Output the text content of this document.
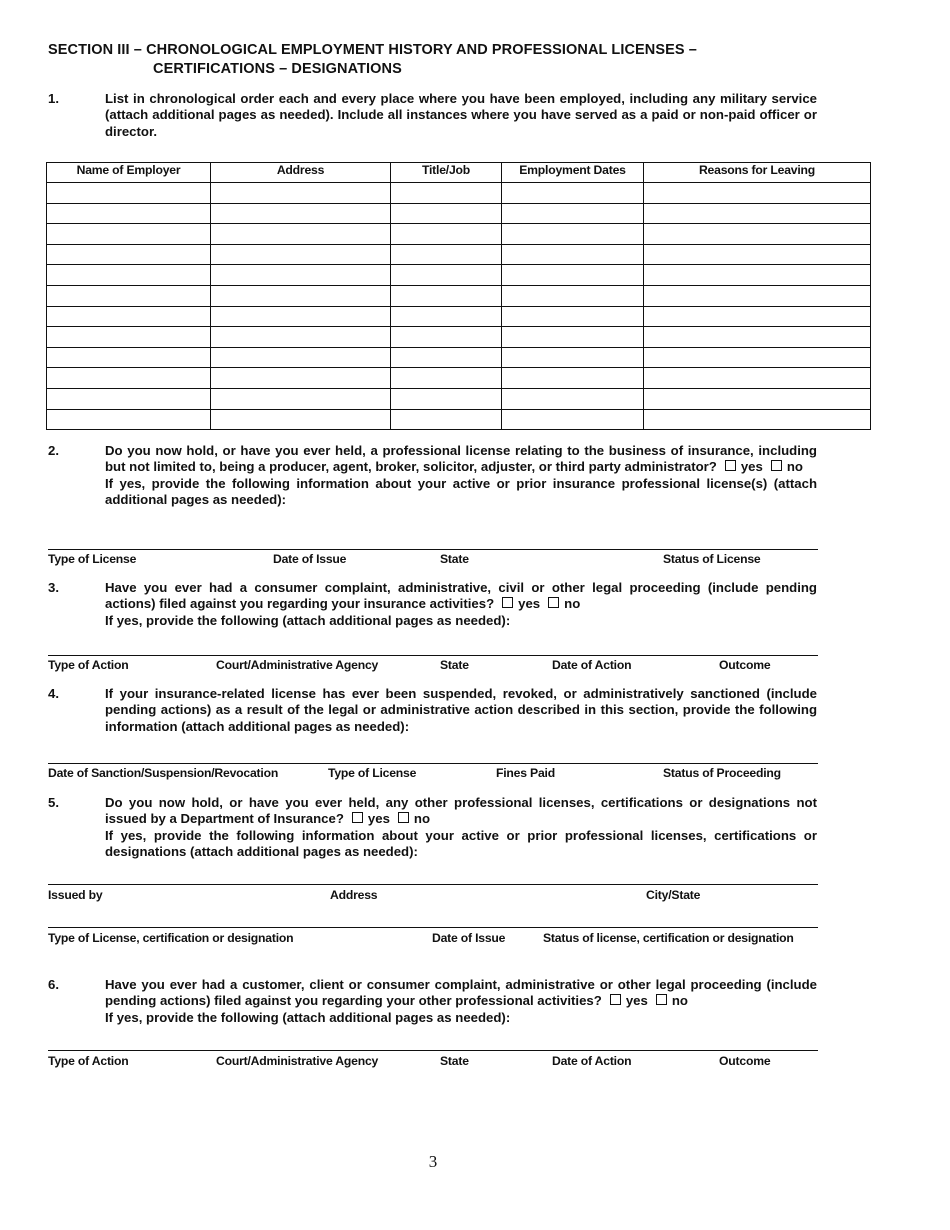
SECTION III – CHRONOLOGICAL EMPLOYMENT HISTORY AND PROFESSIONAL LICENSES –
CERTIFICATIONS – DESIGNATIONS
1.	List in chronological order each and every place where you have been employed, including any military service (attach additional pages as needed). Include all instances where you have served as a paid or non-paid officer or director.
Name of Employer	Address	Title/Job	Employment Dates	Reasons for Leaving

2.	Do you now hold, or have you ever held, a professional license relating to the business of insurance, including but not limited to, being a producer, agent, broker, solicitor, adjuster, or third party administrator? yes no

If yes, provide the following information about your active or prior insurance professional license(s) (attach additional pages as needed):

Type of License	Date of Issue	State	Status of License
3.	Have you ever had a consumer complaint, administrative, civil or other legal proceeding (include pending actions) filed against you regarding your insurance activities? yes no

If yes, provide the following (attach additional pages as needed):

Type of Action	Court/Administrative Agency	State	Date of Action	Outcome
4.	If your insurance-related license has ever been suspended, revoked, or administratively sanctioned (include pending actions) as a result of the legal or administrative action described in this section, provide the following information (attach additional pages as needed):
Date of Sanction/Suspension/Revocation	Type of License	Fines Paid	Status of Proceeding
5.	Do you now hold, or have you ever held, any other professional licenses, certifications or designations not issued by a Department of Insurance? yes no

If yes, provide the following information about your active or prior professional licenses, certifications or designations (attach additional pages as needed):

Issued by	Address	City/State
Type of License, certification or designation	Date of Issue	Status of license, certification or designation
6.	Have you ever had a customer, client or consumer complaint, administrative or other legal proceeding (include pending actions) filed against you regarding your other professional activities? yes no

If yes, provide the following (attach additional pages as needed):

Type of Action	Court/Administrative Agency	State	Date of Action	Outcome
3
